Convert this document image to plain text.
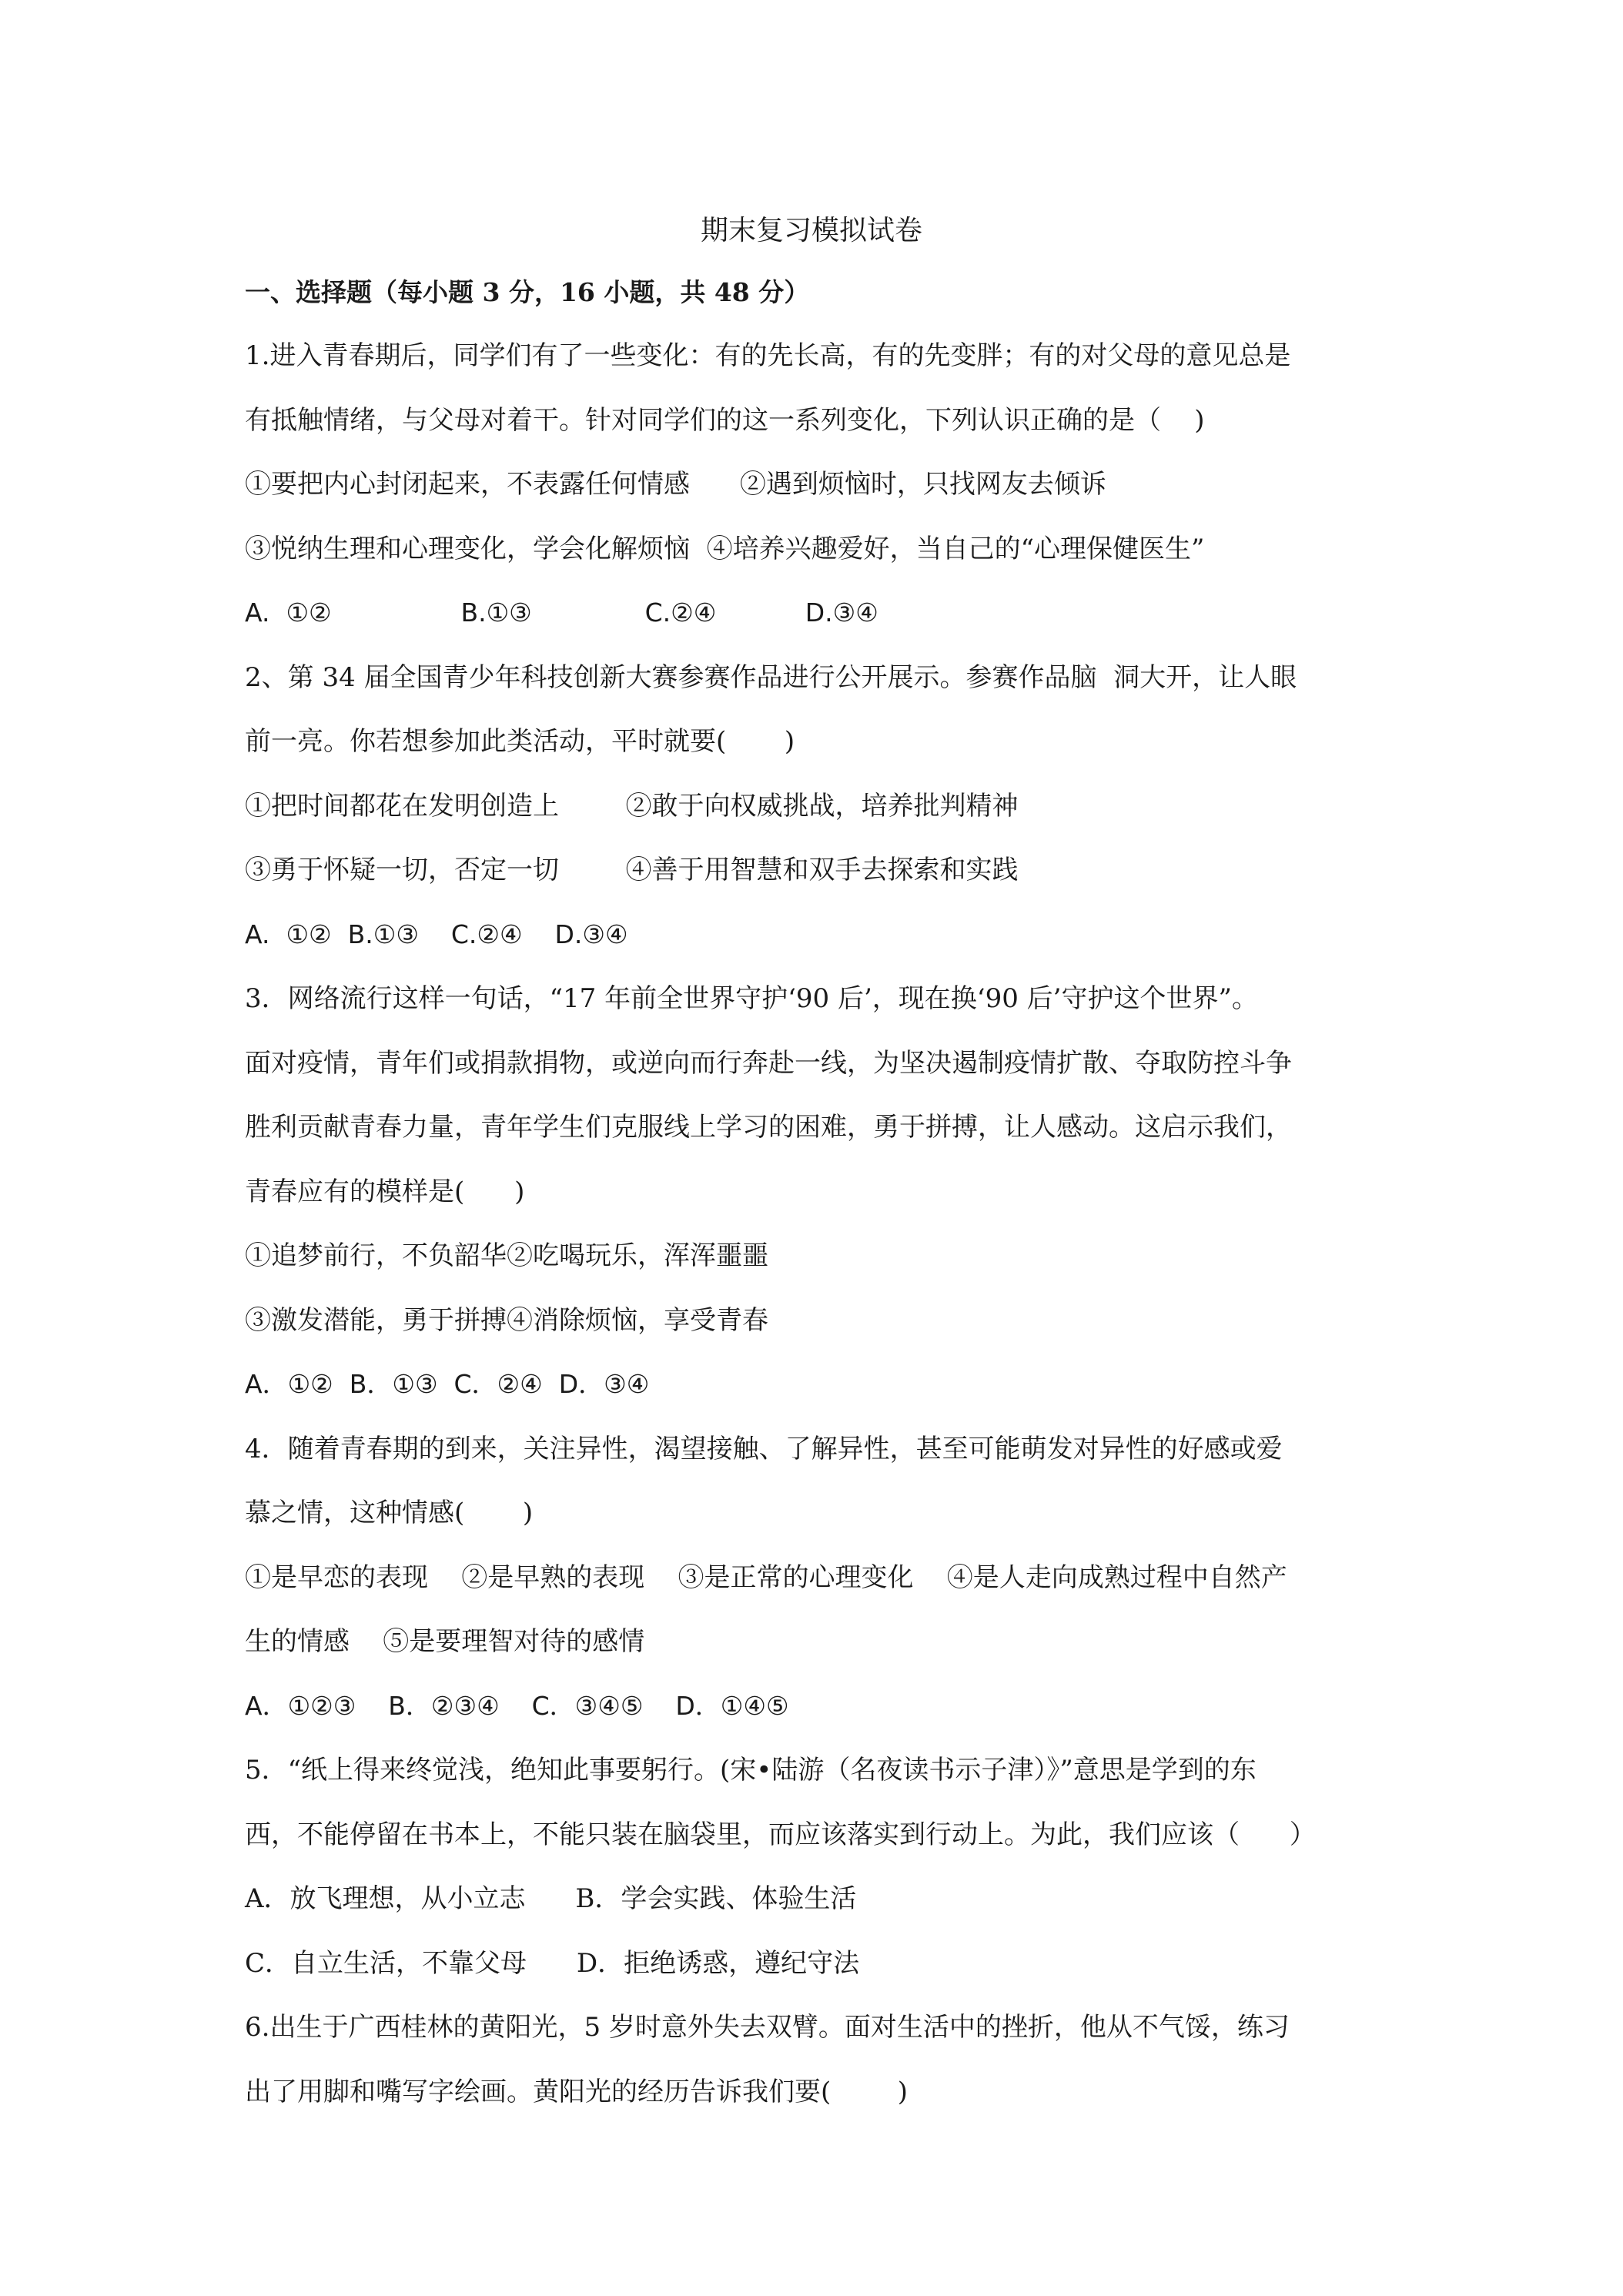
期末复习模拟试卷
一、选择题（每小题 3 分，16 小题，共 48 分）
1.进入青春期后，同学们有了一些变化：有的先长高，有的先变胖；有的对父母的意见总是
有抵触情绪，与父母对着干。针对同学们的这一系列变化，下列认识正确的是（    )
①要把内心封闭起来，不表露任何情感      ②遇到烦恼时，只找网友去倾诉
③悦纳生理和心理变化，学会化解烦恼  ④培养兴趣爱好，当自己的“心理保健医生”
A.  ①②                B.①③              C.②④           D.③④
2、第 34 届全国青少年科技创新大赛参赛作品进行公开展示。参赛作品脑  洞大开，让人眼
前一亮。你若想参加此类活动，平时就要(       )
①把时间都花在发明创造上        ②敢于向权威挑战，培养批判精神
③勇于怀疑一切，否定一切        ④善于用智慧和双手去探索和实践
A.  ①②  B.①③    C.②④    D.③④
3．网络流行这样一句话，“17 年前全世界守护‘90 后’，现在换‘90 后’守护这个世界”。
面对疫情，青年们或捐款捐物，或逆向而行奔赴一线，为坚决遏制疫情扩散、夺取防控斗争
胜利贡献青春力量，青年学生们克服线上学习的困难，勇于拼搏，让人感动。这启示我们，
青春应有的模样是(      )
①追梦前行，不负韶华②吃喝玩乐，浑浑噩噩
③激发潜能，勇于拼搏④消除烦恼，享受青春
A．①②  B．①③  C．②④  D．③④
4．随着青春期的到来，关注异性，渴望接触、了解异性，甚至可能萌发对异性的好感或爱
慕之情，这种情感(       )
①是早恋的表现    ②是早熟的表现    ③是正常的心理变化    ④是人走向成熟过程中自然产
生的情感    ⑤是要理智对待的感情
A．①②③    B．②③④    C．③④⑤    D．①④⑤
5．“纸上得来终觉浅，绝知此事要躬行。(宋•陆游（名夜读书示子津）》”意思是学到的东
西，不能停留在书本上，不能只装在脑袋里，而应该落实到行动上。为此，我们应该（      ）
A．放飞理想，从小立志      B．学会实践、体验生活
C．自立生活，不靠父母      D．拒绝诱惑，遵纪守法
6.出生于广西桂林的黄阳光，5 岁时意外失去双臂。面对生活中的挫折，他从不气馁，练习
出了用脚和嘴写字绘画。黄阳光的经历告诉我们要(        )
